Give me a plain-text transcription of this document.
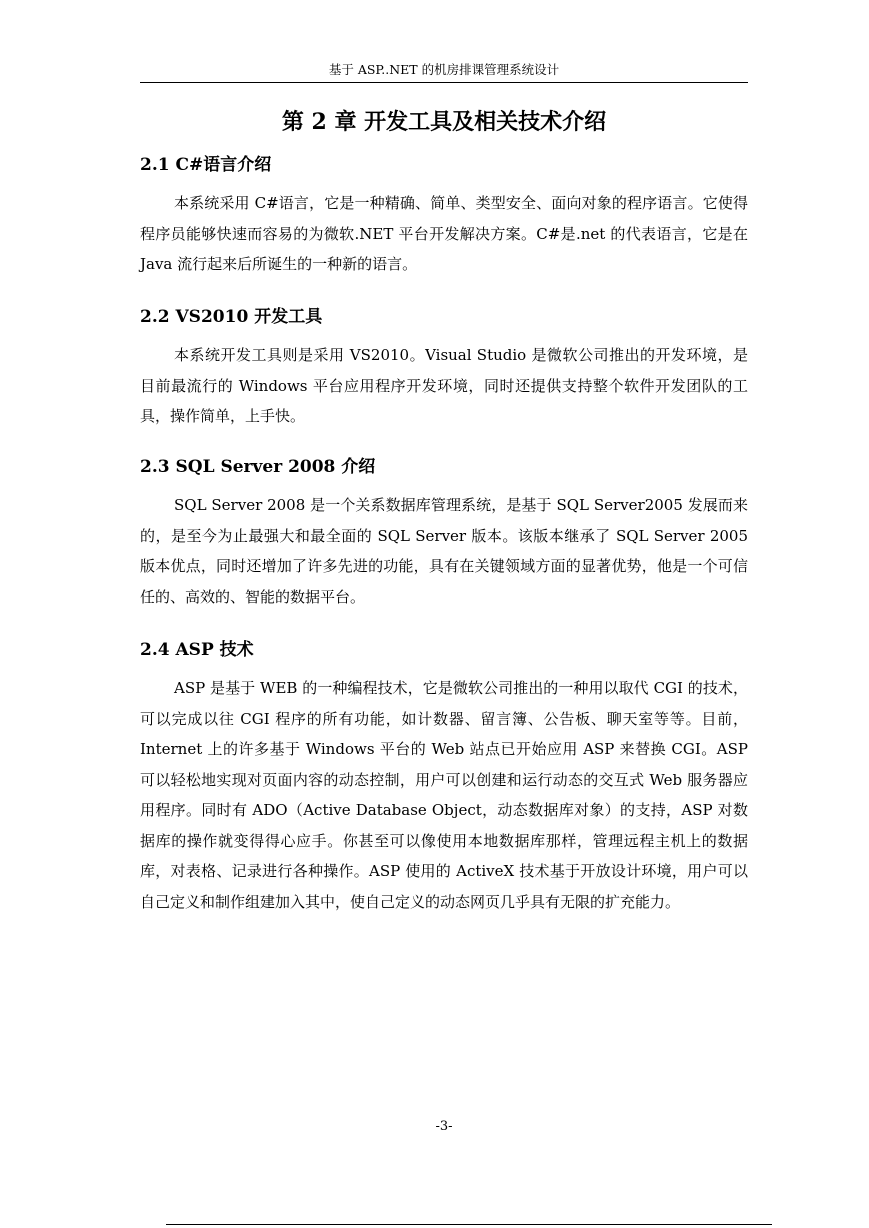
基于 ASP..NET 的机房排课管理系统设计
第 2 章 开发工具及相关技术介绍
2.1 C#语言介绍

本系统采用 C#语言，它是一种精确、简单、类型安全、面向对象的程序语言。它使得程序员能够快速而容易的为微软.NET 平台开发解决方案。C#是.net 的代表语言，它是在 Java 流行起来后所诞生的一种新的语言。

2.2 VS2010 开发工具

本系统开发工具则是采用 VS2010。Visual Studio 是微软公司推出的开发环境，是目前最流行的 Windows 平台应用程序开发环境，同时还提供支持整个软件开发团队的工具，操作简单，上手快。

2.3 SQL Server 2008 介绍

SQL Server 2008 是一个关系数据库管理系统，是基于 SQL Server2005 发展而来的，是至今为止最强大和最全面的 SQL Server 版本。该版本继承了 SQL Server 2005 版本优点，同时还增加了许多先进的功能，具有在关键领域方面的显著优势，他是一个可信任的、高效的、智能的数据平台。

2.4 ASP 技术

ASP 是基于 WEB 的一种编程技术，它是微软公司推出的一种用以取代 CGI 的技术，可以完成以往 CGI 程序的所有功能，如计数器、留言簿、公告板、聊天室等等。目前，Internet 上的许多基于 Windows 平台的 Web 站点已开始应用 ASP 来替换 CGI。ASP 可以轻松地实现对页面内容的动态控制，用户可以创建和运行动态的交互式 Web 服务器应用程序。同时有 ADO（Active Database Object，动态数据库对象）的支持，ASP 对数据库的操作就变得得心应手。你甚至可以像使用本地数据库那样，管理远程主机上的数据库，对表格、记录进行各种操作。ASP 使用的 ActiveX 技术基于开放设计环境，用户可以自己定义和制作组建加入其中，使自己定义的动态网页几乎具有无限的扩充能力。

-3-
